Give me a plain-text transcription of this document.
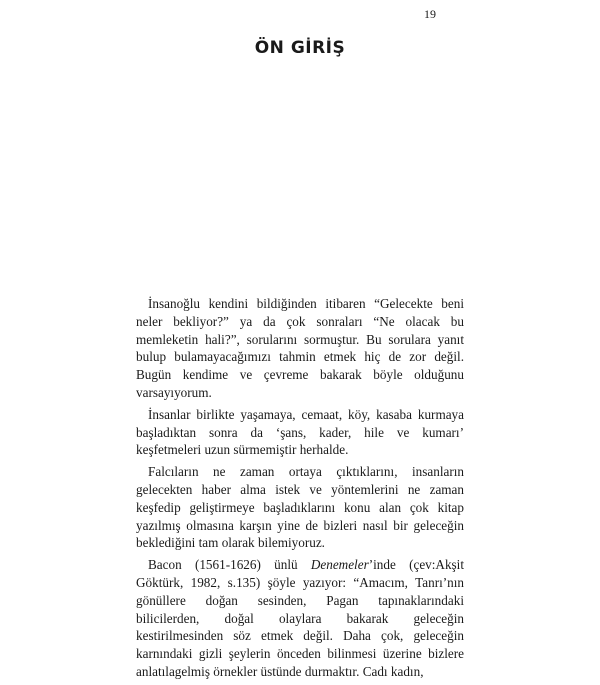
19
ÖN GİRİŞ

İnsanoğlu kendini bildiğinden itibaren “Gelecekte beni neler bekliyor?” ya da çok sonraları “Ne olacak bu memleketin hali?”, sorularını sormuştur. Bu sorulara yanıt bulup bulamayacağımızı tahmin etmek hiç de zor değil. Bugün kendime ve çevreme bakarak böyle olduğunu varsayıyorum.

İnsanlar birlikte yaşamaya, cemaat, köy, kasaba kurmaya başladıktan sonra da ‘şans, kader, hile ve kumarı’ keşfetmeleri uzun sürmemiştir herhalde.

Falcıların ne zaman ortaya çıktıklarını, insanların gelecekten haber alma istek ve yöntemlerini ne zaman keşfedip geliştirmeye başladıklarını konu alan çok kitap yazılmış olmasına karşın yine de bizleri nasıl bir geleceğin beklediğini tam olarak bilemiyoruz.

Bacon (1561-1626) ünlü Denemeler’inde (çev:Akşit Göktürk, 1982, s.135) şöyle yazıyor: “Amacım, Tanrı’nın gönüllere doğan sesinden, Pagan tapınaklarındaki bilicilerden, doğal olaylara bakarak geleceğin kestirilmesinden söz etmek değil. Daha çok, geleceğin karnındaki gizli şeylerin önceden bilinmesi üzerine bizlere anlatılagelmiş örnekler üstünde durmaktır. Cadı kadın,
